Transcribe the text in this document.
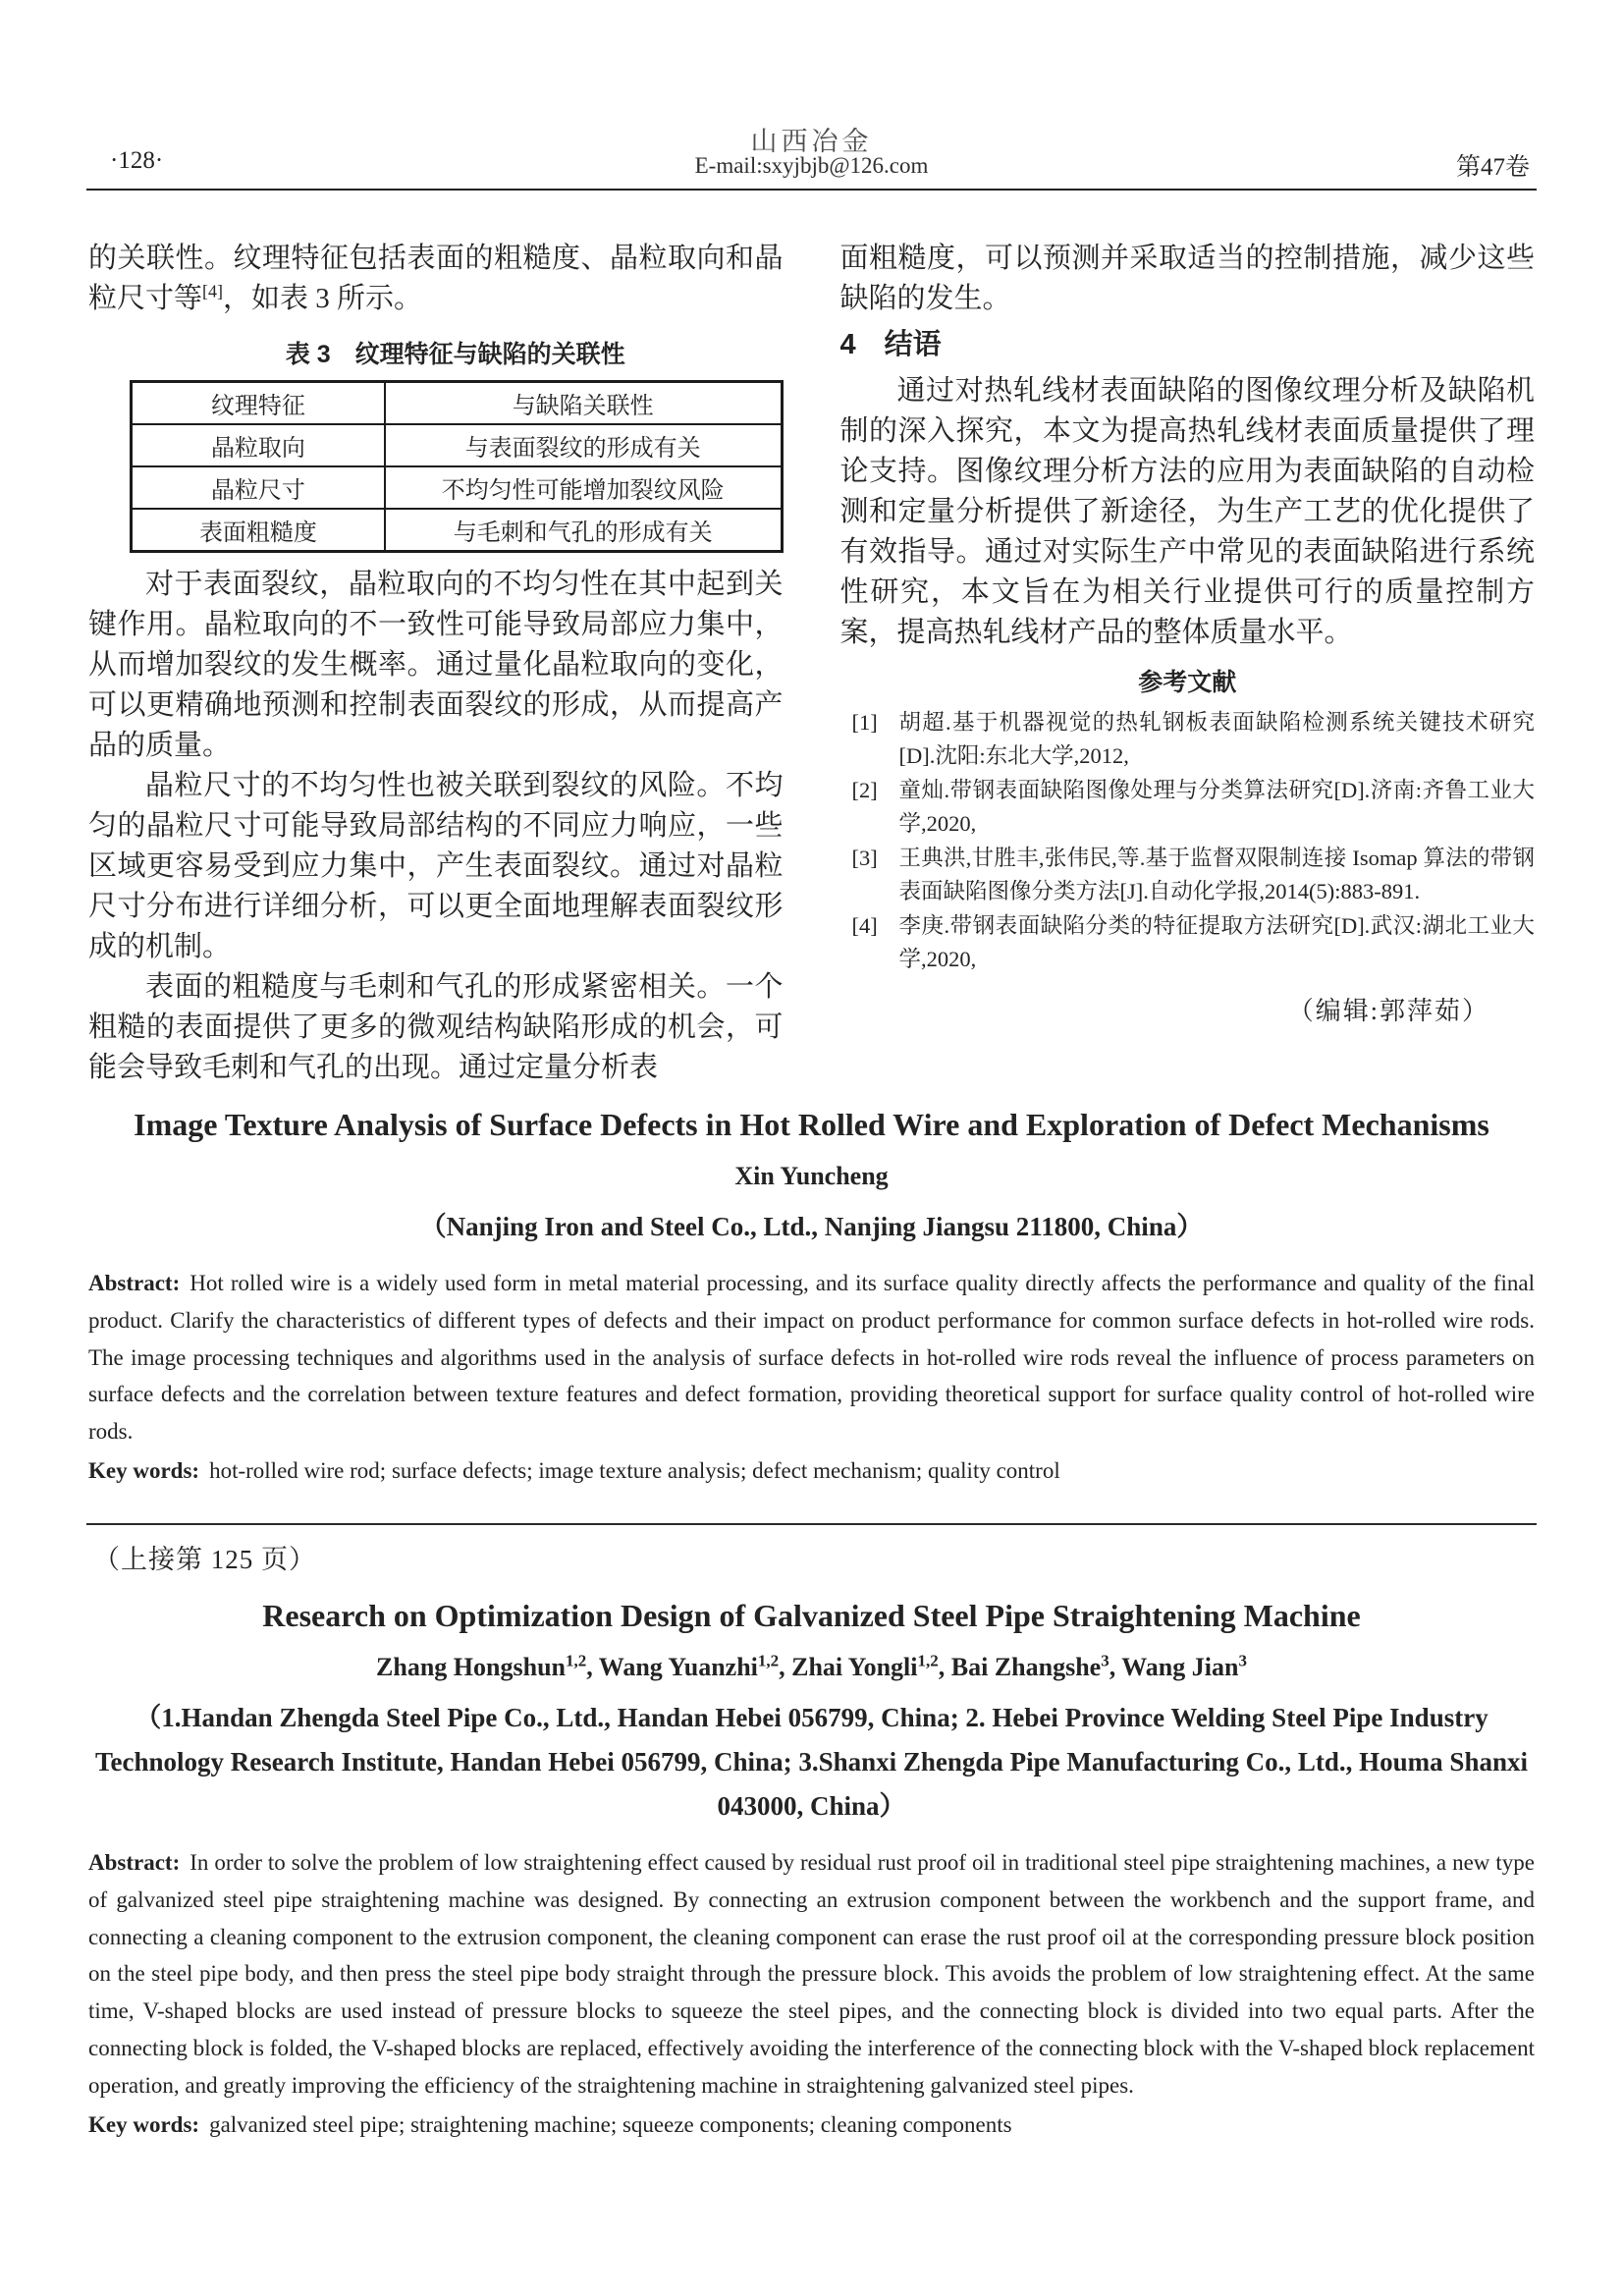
山西冶金
E-mail:sxyjbjb@126.com
·128·	第47卷

的关联性。纹理特征包括表面的粗糙度、晶粒取向和晶粒尺寸等[4]，如表 3 所示。

表 3　纹理特征与缺陷的关联性
纹理特征	与缺陷关联性
晶粒取向	与表面裂纹的形成有关
晶粒尺寸	不均匀性可能增加裂纹风险
表面粗糙度	与毛刺和气孔的形成有关

对于表面裂纹，晶粒取向的不均匀性在其中起到关键作用。晶粒取向的不一致性可能导致局部应力集中，从而增加裂纹的发生概率。通过量化晶粒取向的变化，可以更精确地预测和控制表面裂纹的形成，从而提高产品的质量。

晶粒尺寸的不均匀性也被关联到裂纹的风险。不均匀的晶粒尺寸可能导致局部结构的不同应力响应，一些区域更容易受到应力集中，产生表面裂纹。通过对晶粒尺寸分布进行详细分析，可以更全面地理解表面裂纹形成的机制。

表面的粗糙度与毛刺和气孔的形成紧密相关。一个粗糙的表面提供了更多的微观结构缺陷形成的机会，可能会导致毛刺和气孔的出现。通过定量分析表

面粗糙度，可以预测并采取适当的控制措施，减少这些缺陷的发生。

4　结语

通过对热轧线材表面缺陷的图像纹理分析及缺陷机制的深入探究，本文为提高热轧线材表面质量提供了理论支持。图像纹理分析方法的应用为表面缺陷的自动检测和定量分析提供了新途径，为生产工艺的优化提供了有效指导。通过对实际生产中常见的表面缺陷进行系统性研究，本文旨在为相关行业提供可行的质量控制方案，提高热轧线材产品的整体质量水平。

参考文献
[1] 胡超.基于机器视觉的热轧钢板表面缺陷检测系统关键技术研究[D].沈阳:东北大学,2012,
[2] 童灿.带钢表面缺陷图像处理与分类算法研究[D].济南:齐鲁工业大学,2020,
[3] 王典洪,甘胜丰,张伟民,等.基于监督双限制连接 Isomap 算法的带钢表面缺陷图像分类方法[J].自动化学报,2014(5):883-891.
[4] 李庚.带钢表面缺陷分类的特征提取方法研究[D].武汉:湖北工业大学,2020,
（编辑:郭萍茹）
Image Texture Analysis of Surface Defects in Hot Rolled Wire and Exploration of Defect Mechanisms
Xin Yuncheng
（Nanjing Iron and Steel Co., Ltd., Nanjing Jiangsu 211800, China）

Abstract: Hot rolled wire is a widely used form in metal material processing, and its surface quality directly affects the performance and quality of the final product. Clarify the characteristics of different types of defects and their impact on product performance for common surface defects in hot-rolled wire rods. The image processing techniques and algorithms used in the analysis of surface defects in hot-rolled wire rods reveal the influence of process parameters on surface defects and the correlation between texture features and defect formation, providing theoretical support for surface quality control of hot-rolled wire rods.

Key words: hot-rolled wire rod; surface defects; image texture analysis; defect mechanism; quality control

（上接第 125 页）
Research on Optimization Design of Galvanized Steel Pipe Straightening Machine
Zhang Hongshun$^{1,2}$, Wang Yuanzhi$^{1,2}$, Zhai Yongli$^{1,2}$, Bai Zhangshe$^3$, Wang Jian$^3$
（1.Handan Zhengda Steel Pipe Co., Ltd., Handan Hebei 056799, China; 2. Hebei Province Welding Steel Pipe Industry Technology Research Institute, Handan Hebei 056799, China; 3.Shanxi Zhengda Pipe Manufacturing Co., Ltd., Houma Shanxi 043000, China）

Abstract: In order to solve the problem of low straightening effect caused by residual rust proof oil in traditional steel pipe straightening machines, a new type of galvanized steel pipe straightening machine was designed. By connecting an extrusion component between the workbench and the support frame, and connecting a cleaning component to the extrusion component, the cleaning component can erase the rust proof oil at the corresponding pressure block position on the steel pipe body, and then press the steel pipe body straight through the pressure block. This avoids the problem of low straightening effect. At the same time, V-shaped blocks are used instead of pressure blocks to squeeze the steel pipes, and the connecting block is divided into two equal parts. After the connecting block is folded, the V-shaped blocks are replaced, effectively avoiding the interference of the connecting block with the V-shaped block replacement operation, and greatly improving the efficiency of the straightening machine in straightening galvanized steel pipes.

Key words: galvanized steel pipe; straightening machine; squeeze components; cleaning components
